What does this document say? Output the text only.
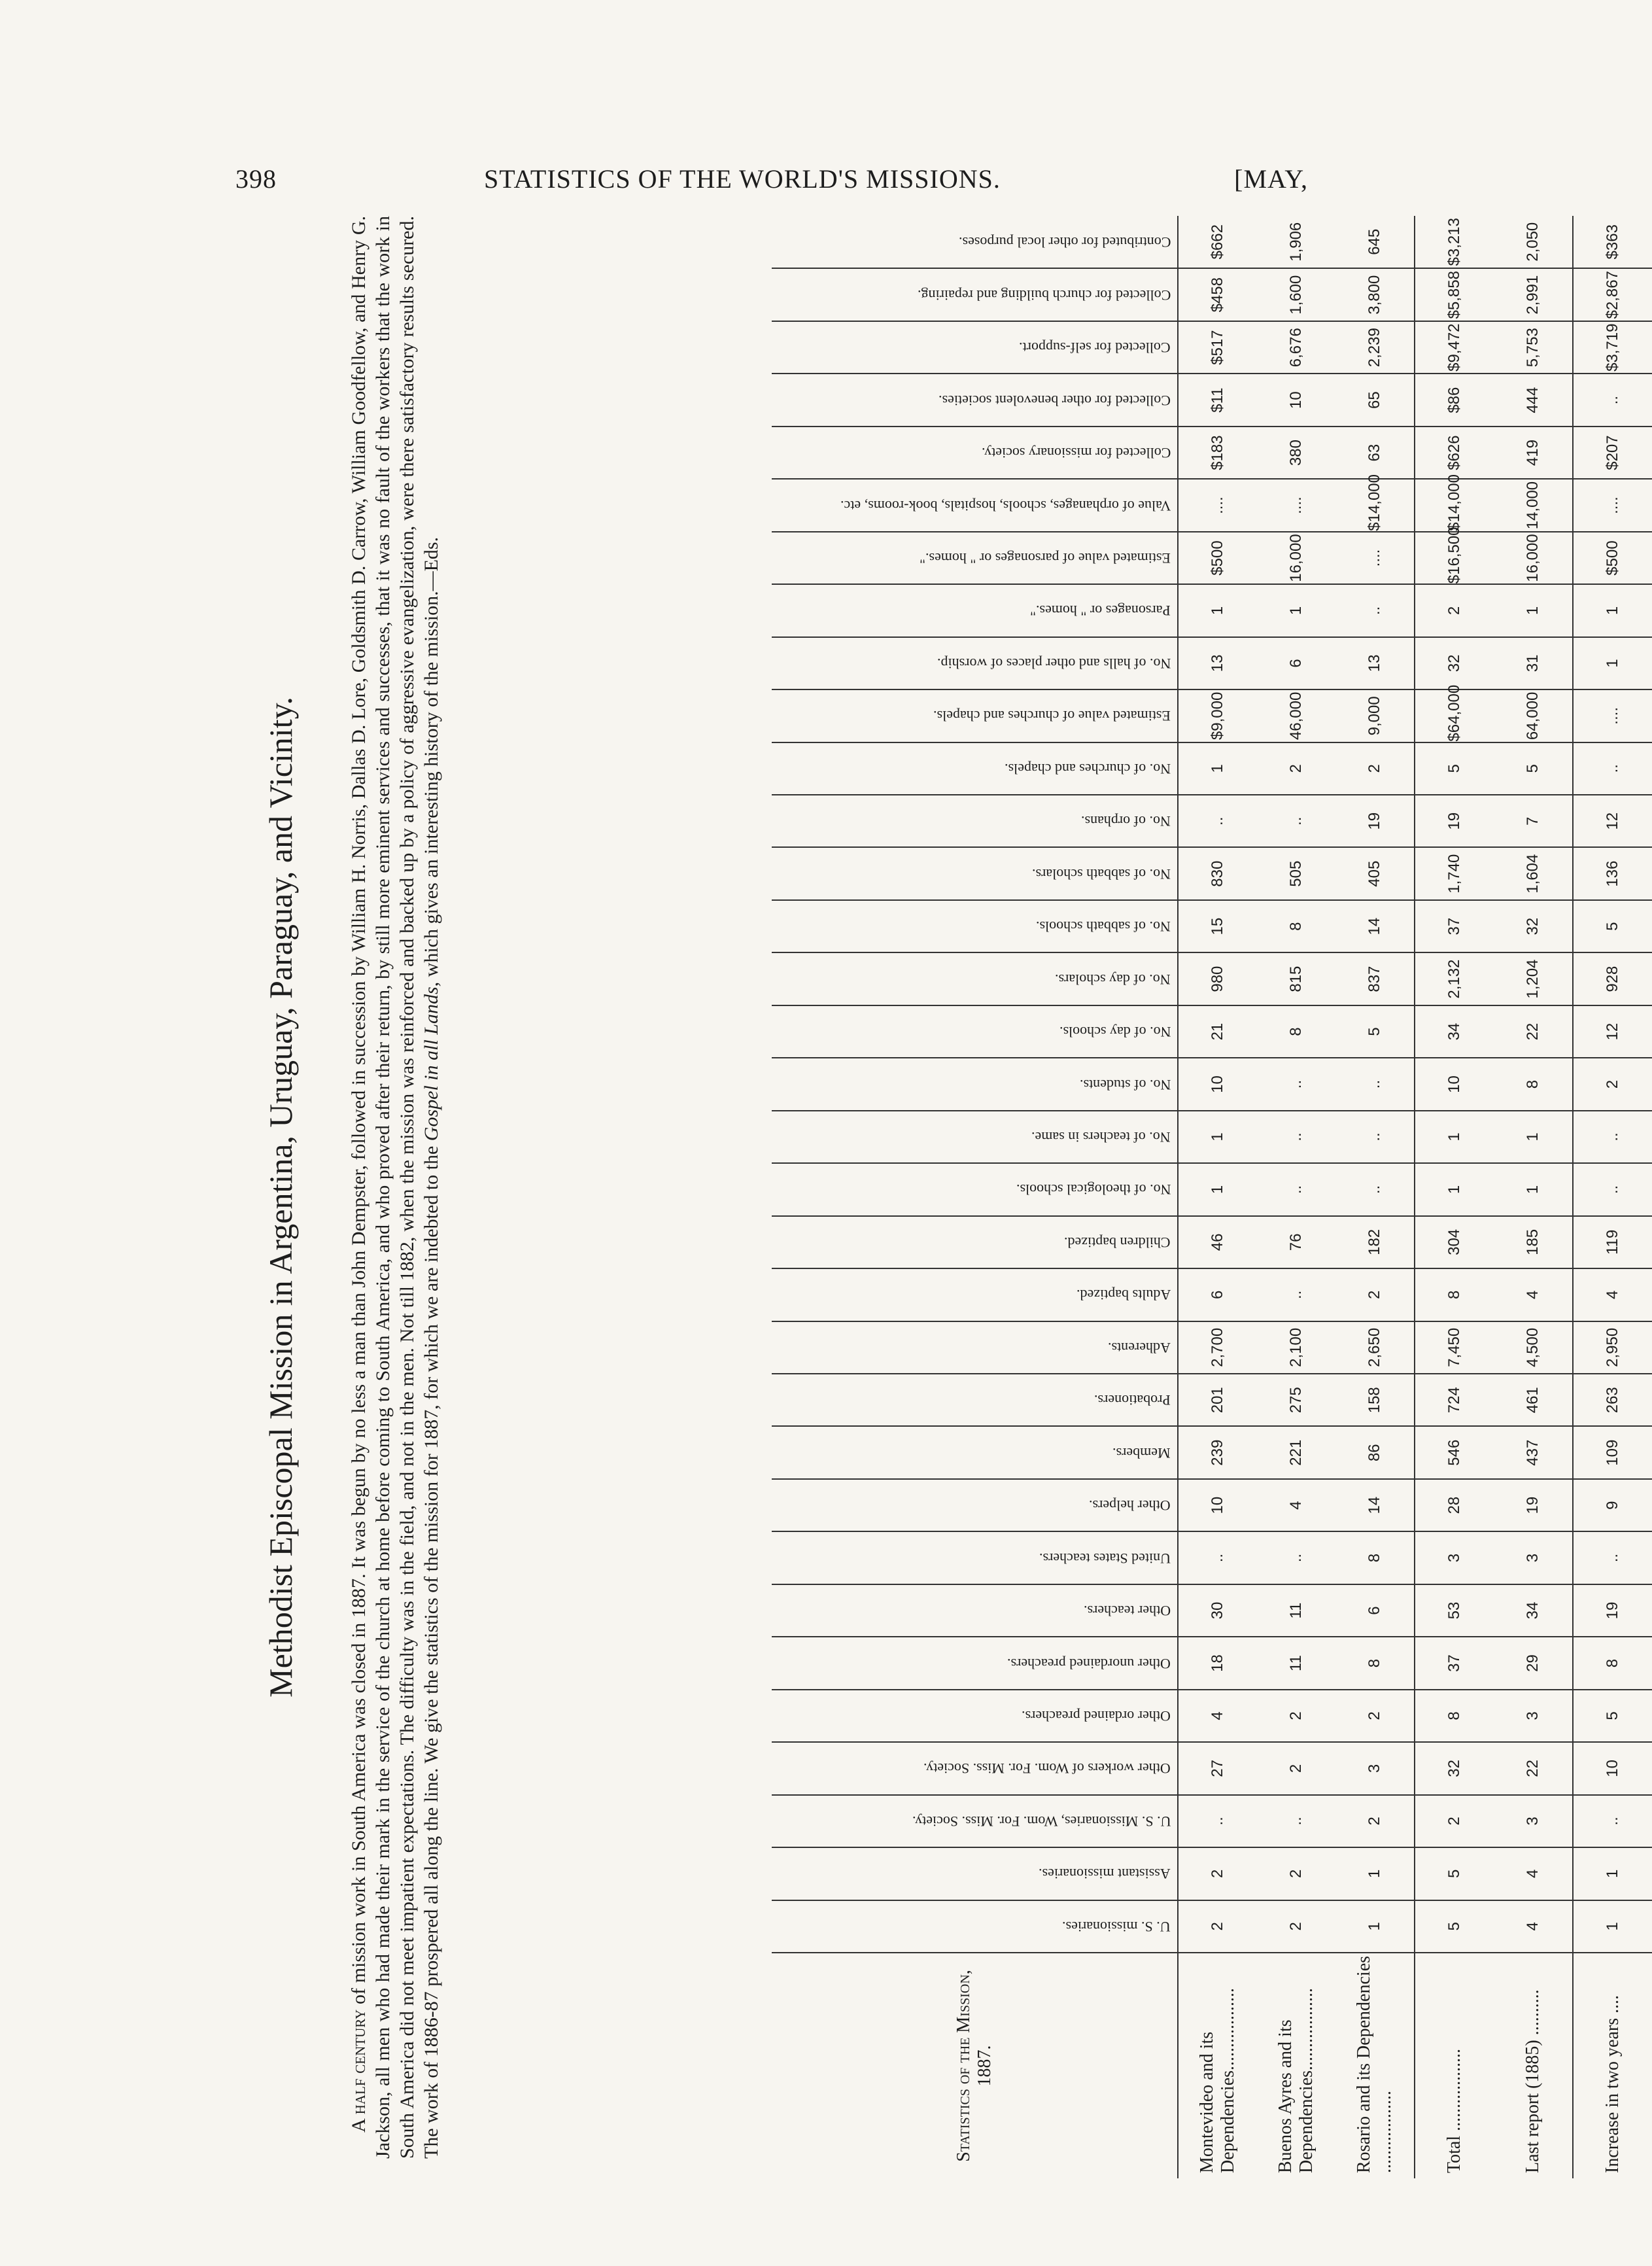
398	STATISTICS OF THE WORLD'S MISSIONS.	[MAY,
Methodist Episcopal Mission in Argentina, Uruguay, Paraguay, and Vicinity.

A half century of mission work in South America was closed in 1887. It was begun by no less a man than John Dempster, followed in succession by William H. Norris, Dallas D. Lore, Goldsmith D. Carrow, William Goodfellow, and Henry G. Jackson, all men who had made their mark in the service of the church at home before coming to South America, and who proved after their return, by still more eminent services and successes, that it was no fault of the workers that the work in South America did not meet impatient expectations. The difficulty was in the field, and not in the men. Not till 1882, when the mission was reinforced and backed up by a policy of aggressive evangelization, were there satisfactory results secured. The work of 1886-87 prospered all along the line. We give the statistics of the mission for 1887, for which we are indebted to the Gospel in all Lands, which gives an interesting history of the mission.—Eds.

Statistics of the Mission, 1887.	U. S. missionaries.	Assistant missionaries.	U. S. Missionaries, Wom. For. Miss. Society.	Other workers of Wom. For. Miss. Society.	Other ordained preachers.	Other unordained preachers.	Other teachers.	United States teachers.	Other helpers.	Members.	Probationers.	Adherents.	Adults baptized.	Children baptized.	No. of theological schools.	No. of teachers in same.	No. of students.	No. of day schools.	No. of day scholars.	No. of sabbath schools.	No. of sabbath scholars.	No. of orphans.	No. of churches and chapels.	Estimated value of churches and chapels.	No. of halls and other places of worship.	Parsonages or " homes."	Estimated value of parsonages or " homes."	Value of orphanages, schools, hospitals, book-rooms, etc.	Collected for missionary society.	Collected for other benevolent societies.	Collected for self-support.	Collected for church building and repairing.	Contributed for other local purposes.
Montevideo and its Dependencies..................	2	2	..	27	4	18	30	..	10	239	201	2,700	6	46	1	1	10	21	980	15	830	..	1	$9,000	13	1	$500	....	$183	$11	$517	$458	$662
Buenos Ayres and its Dependencies..................	2	2	..	2	2	11	11	..	4	221	275	2,100	..	76	..	..	..	8	815	8	505	..	2	46,000	6	1	16,000	....	380	10	6,676	1,600	1,906
Rosario and its Dependencies ..................	1	1	2	3	2	8	6	8	14	86	158	2,650	2	182	..	..	..	5	837	14	405	19	2	9,000	13	..	....	$14,000	63	65	2,239	3,800	645
Total ..................	5	5	2	32	8	37	53	3	28	546	724	7,450	8	304	1	1	10	34	2,132	37	1,740	19	5	$64,000	32	2	$16,500	$14,000	$626	$86	$9,472	$5,858	$3,213
Last report (1885) ..........	4	4	3	22	3	29	34	3	19	437	461	4,500	4	185	1	1	8	22	1,204	32	1,604	7	5	64,000	31	1	16,000	14,000	419	444	5,753	2,991	2,050
Increase in two years ....	1	1	..	10	5	8	19	..	9	109	263	2,950	4	119	..	..	2	12	928	5	136	12	..	....	1	1	$500	....	$207	..	$3,719	$2,867	$363
